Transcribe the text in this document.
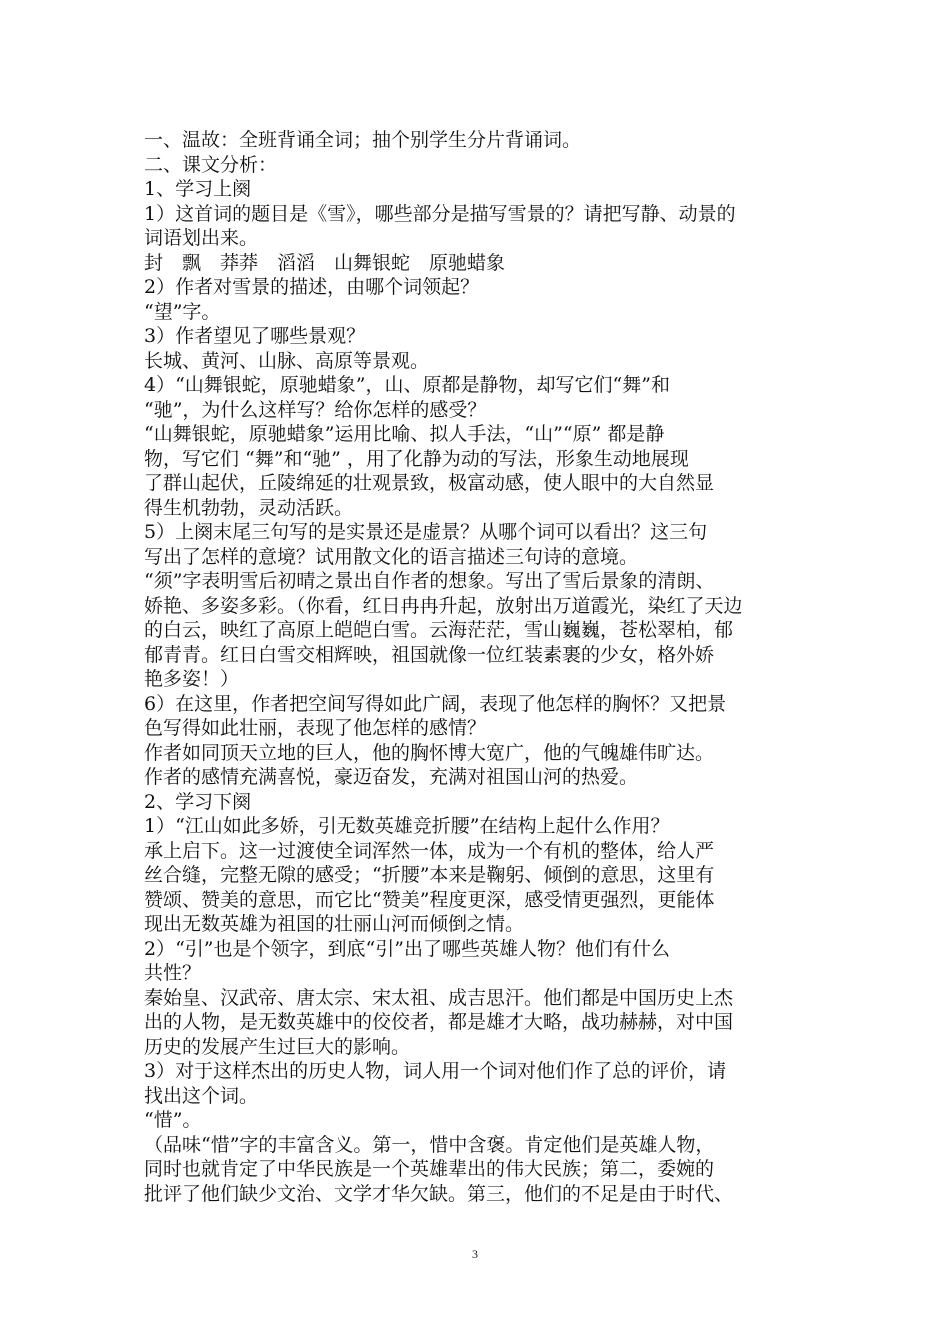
一、温故：全班背诵全词；抽个别学生分片背诵词。
二、课文分析：
1、学习上阕
1）这首词的题目是《雪》，哪些部分是描写雪景的？请把写静、动景的
词语划出来。
封　飘　莽莽　滔滔　山舞银蛇　原驰蜡象
2）作者对雪景的描述，由哪个词领起？
“望”字。
3）作者望见了哪些景观？
长城、黄河、山脉、高原等景观。
4）“山舞银蛇，原驰蜡象”，山、原都是静物，却写它们“舞”和
“驰”，为什么这样写？给你怎样的感受？
“山舞银蛇，原驰蜡象”运用比喻、拟人手法，“山”“原” 都是静
物，写它们 “舞”和“驰” ，用了化静为动的写法，形象生动地展现
了群山起伏，丘陵绵延的壮观景致，极富动感，使人眼中的大自然显
得生机勃勃，灵动活跃。
5）上阕末尾三句写的是实景还是虚景？从哪个词可以看出？这三句
写出了怎样的意境？试用散文化的语言描述三句诗的意境。
“须”字表明雪后初晴之景出自作者的想象。写出了雪后景象的清朗、
娇艳、多姿多彩。（你看，红日冉冉升起，放射出万道霞光，染红了天边
的白云，映红了高原上皑皑白雪。云海茫茫，雪山巍巍，苍松翠柏，郁
郁青青。红日白雪交相辉映，祖国就像一位红装素裹的少女，格外娇
艳多姿！）
6）在这里，作者把空间写得如此广阔，表现了他怎样的胸怀？又把景
色写得如此壮丽，表现了他怎样的感情？
作者如同顶天立地的巨人，他的胸怀博大宽广，他的气魄雄伟旷达。
作者的感情充满喜悦，豪迈奋发，充满对祖国山河的热爱。
2、学习下阕
1）“江山如此多娇，引无数英雄竞折腰”在结构上起什么作用？
承上启下。这一过渡使全词浑然一体，成为一个有机的整体，给人严
丝合缝，完整无隙的感受；“折腰”本来是鞠躬、倾倒的意思，这里有
赞颂、赞美的意思，而它比“赞美”程度更深，感受情更强烈，更能体
现出无数英雄为祖国的壮丽山河而倾倒之情。
2）“引”也是个领字，到底“引”出了哪些英雄人物？他们有什么
共性？
秦始皇、汉武帝、唐太宗、宋太祖、成吉思汗。他们都是中国历史上杰
出的人物，是无数英雄中的佼佼者，都是雄才大略，战功赫赫，对中国
历史的发展产生过巨大的影响。
3）对于这样杰出的历史人物，词人用一个词对他们作了总的评价，请
找出这个词。
“惜”。
（品味“惜”字的丰富含义。第一，惜中含褒。肯定他们是英雄人物，
同时也就肯定了中华民族是一个英雄辈出的伟大民族；第二，委婉的
批评了他们缺少文治、文学才华欠缺。第三，他们的不足是由于时代、
3
